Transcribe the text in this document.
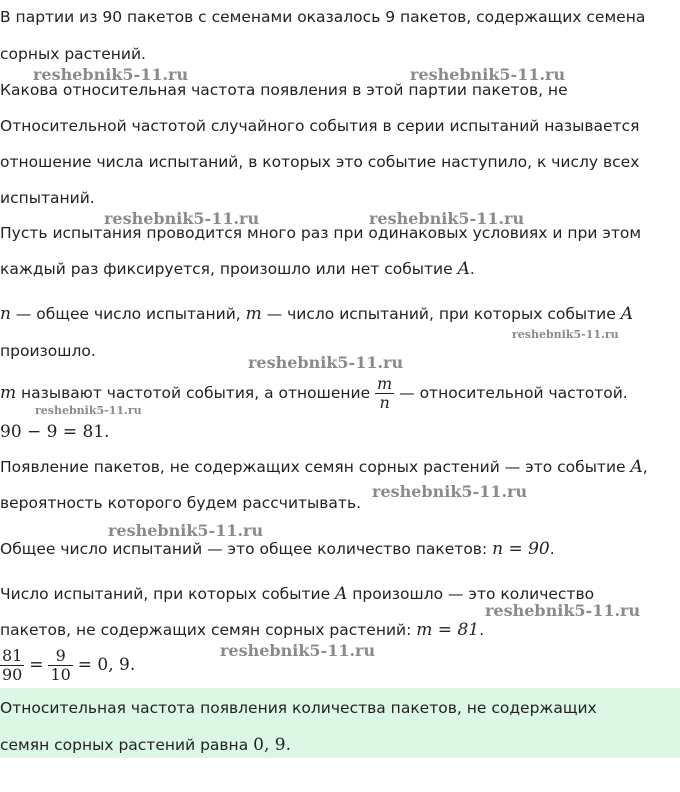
reshebnik5-11.ru	reshebnik5-11.ru
reshebnik5-11.ru	reshebnik5-11.ru
reshebnik5-11.ru
reshebnik5-11.ru
reshebnik5-11.ru
reshebnik5-11.ru
reshebnik5-11.ru
reshebnik5-11.ru
reshebnik5-11.ru
В партии из 90 пакетов с семенами оказалось 9 пакетов, содержащих семена
сорных растений.
Какова относительная частота появления в этой партии пакетов, не
Относительной частотой случайного события в серии испытаний называется
отношение числа испытаний, в которых это событие наступило, к числу всех
испытаний.
Пусть испытания проводится много раз при одинаковых условиях и при этом
каждый раз фиксируется, произошло или нет событие A.
n — общее число испытаний, m — число испытаний, при которых событие A
произошло.
m называют частотой события, а отношение $\frac{m}{n}$ — относительной частотой.
90 − 9 = 81.
Появление пакетов, не содержащих семян сорных растений — это событие A,
вероятность которого будем рассчитывать.
Общее число испытаний — это общее количество пакетов: n = 90.
Число испытаний, при которых событие A произошло — это количество
пакетов, не содержащих семян сорных растений: m = 81.
$\frac{81}{90} = \frac{9}{10} = 0$, 9.
Относительная частота появления количества пакетов, не содержащих
семян сорных растений равна 0, 9.
